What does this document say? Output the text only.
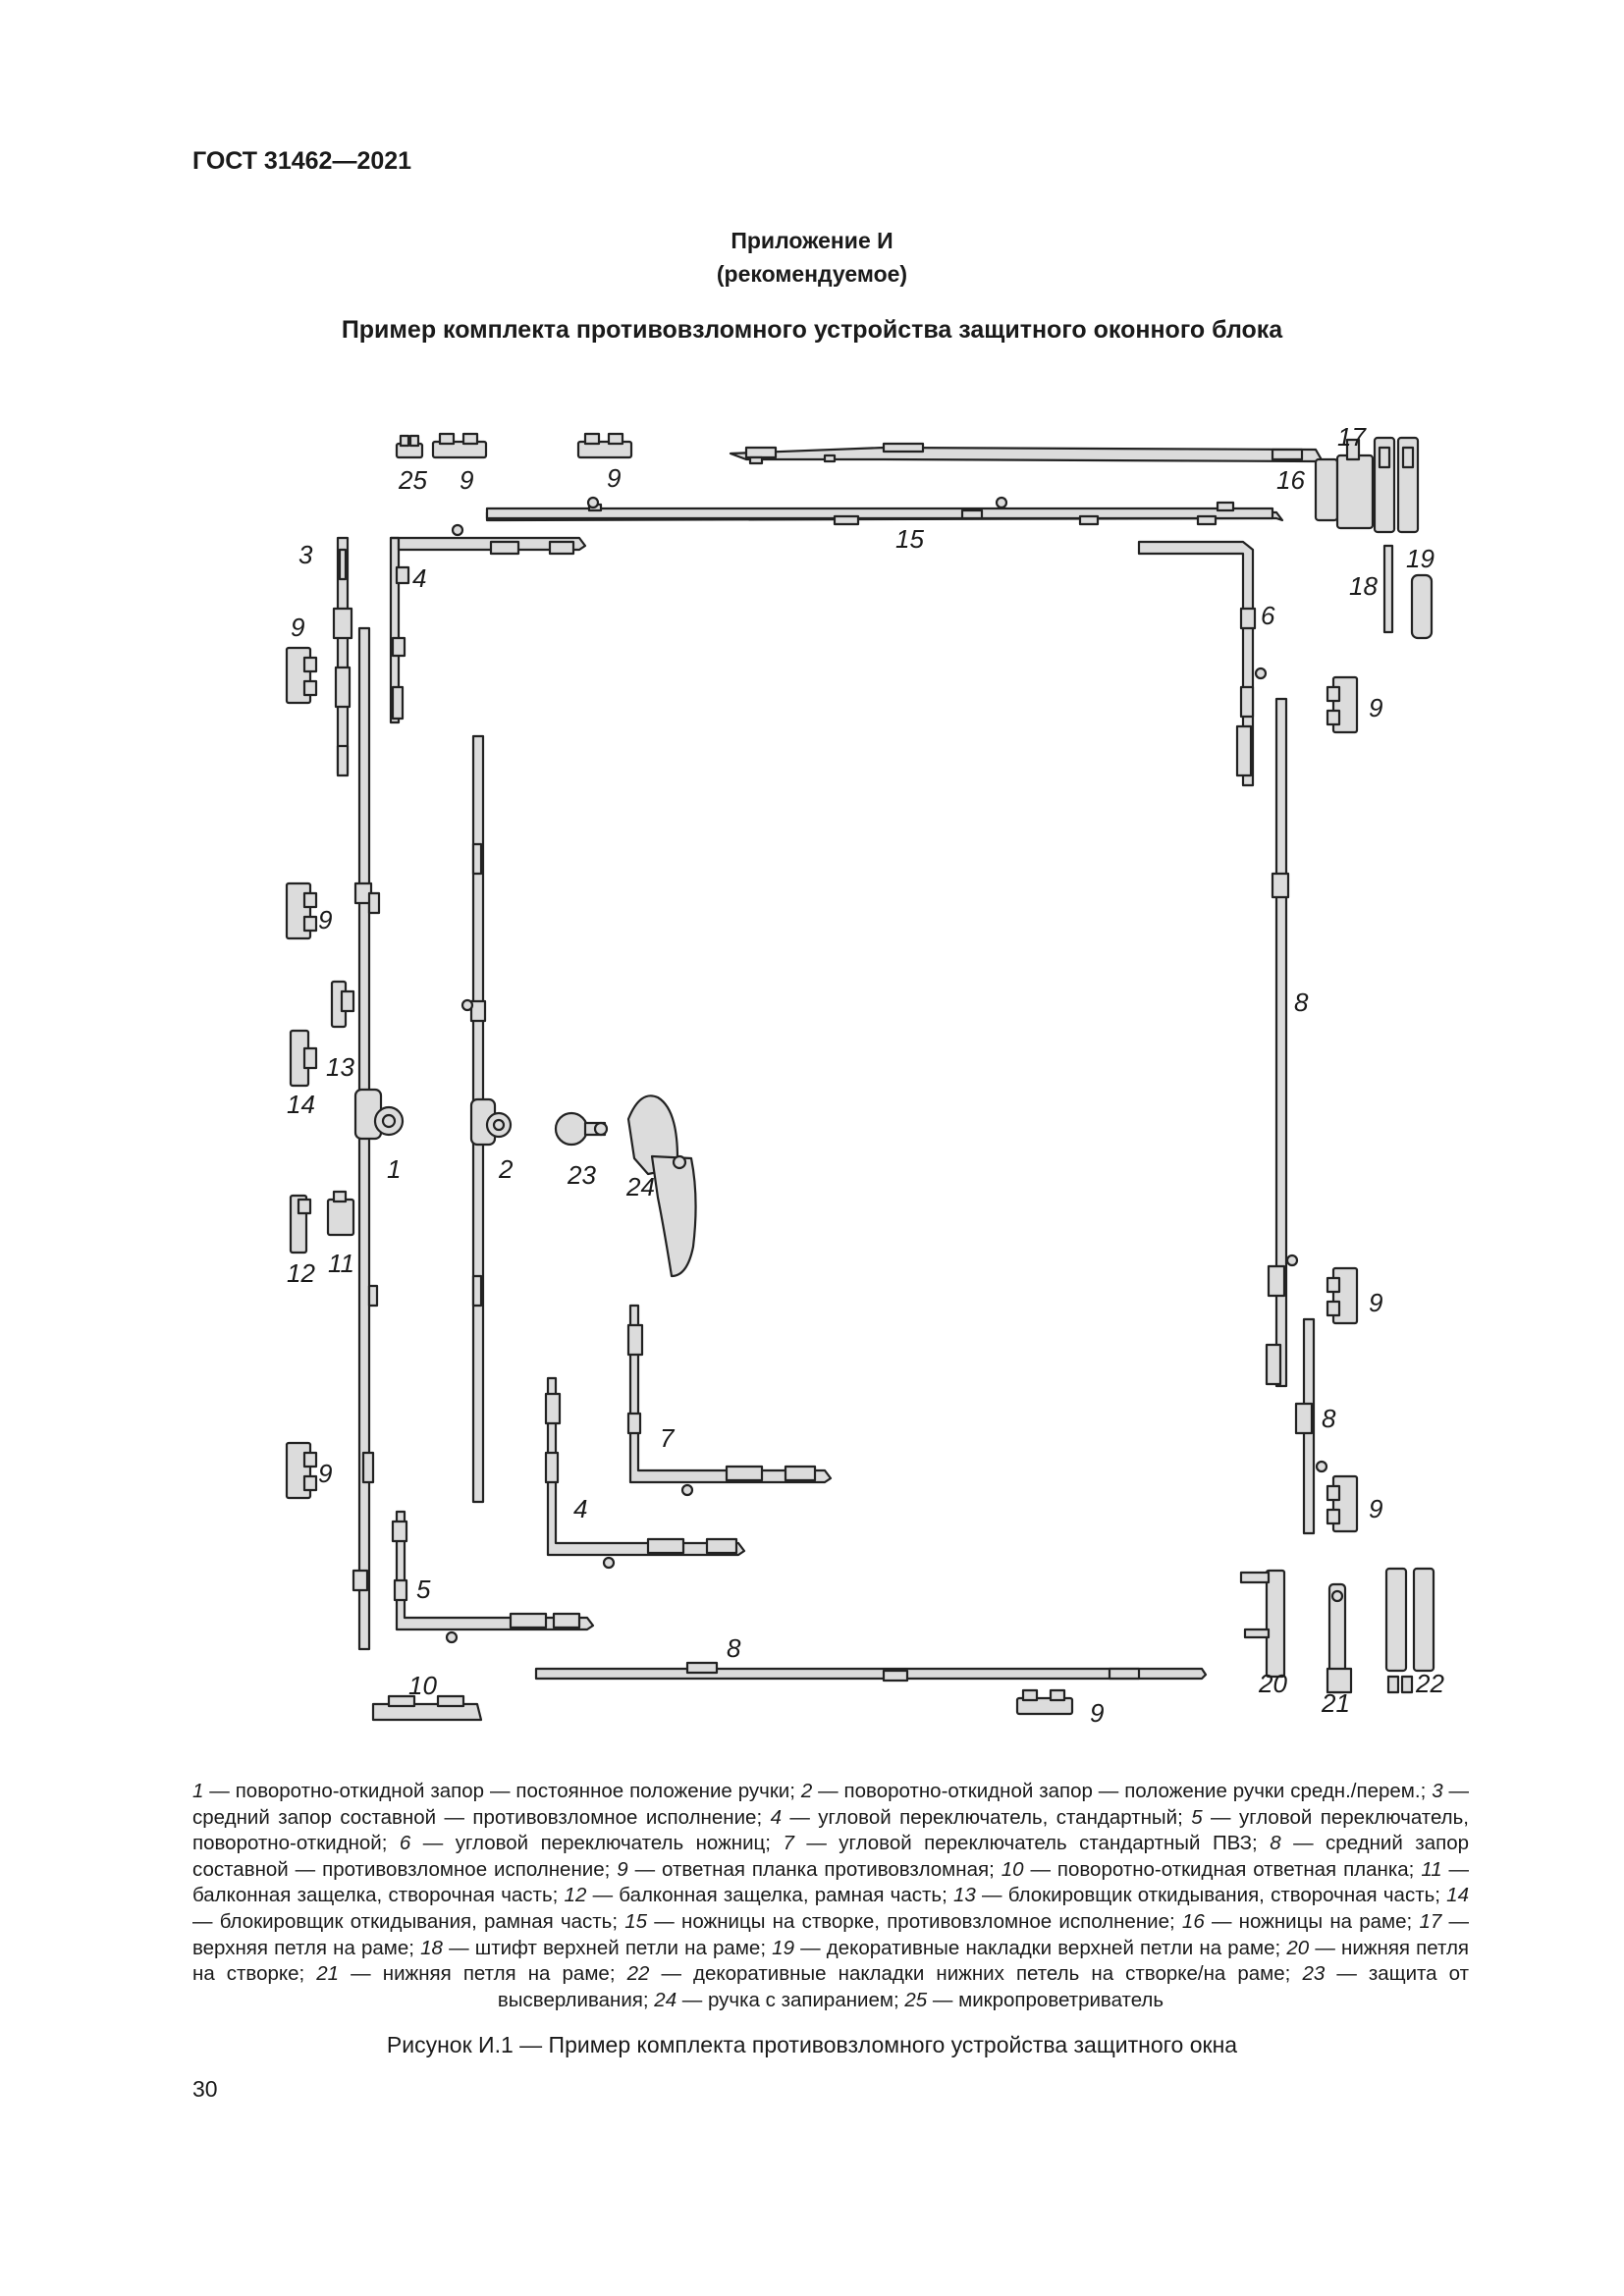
ГОСТ 31462—2021
Приложение И
(рекомендуемое)
Пример комплекта противовзломного устройства защитного оконного блока
25 9	9
17
16
19
18
15
3
4
9	6
9
9
8
13
14
1	2 23 24
12 11
9
7
9
8
9
4
5
8
10
9
20
21
22
1 — поворотно-откидной запор — постоянное положение ручки; 2 — поворотно-откидной запор — положение ручки средн./перем.; 3 — средний запор составной — противовзломное исполнение; 4 — угловой переключатель, стандартный; 5 — угловой переключатель, поворотно-откидной; 6 — угловой переключатель ножниц; 7 — угловой переключатель стандартный ПВЗ; 8 — средний запор составной — противовзломное исполнение; 9 — ответная планка противовзломная; 10 — поворотно-откидная ответная планка; 11 — балконная защелка, створочная часть; 12 — балконная защелка, рамная часть; 13 — блокировщик откидывания, створочная часть; 14 — блокировщик откидывания, рамная часть; 15 — ножницы на створке, противовзломное исполнение; 16 — ножницы на раме; 17 — верхняя петля на раме; 18 — штифт верхней петли на раме; 19 — декоративные накладки верхней петли на раме; 20 — нижняя петля на створке; 21 — нижняя петля на раме; 22 — декоративные накладки нижних петель на створке/на раме; 23 — защита от высверливания; 24 — ручка с запиранием; 25 — микропроветриватель
Рисунок И.1 — Пример комплекта противовзломного устройства защитного окна
30
